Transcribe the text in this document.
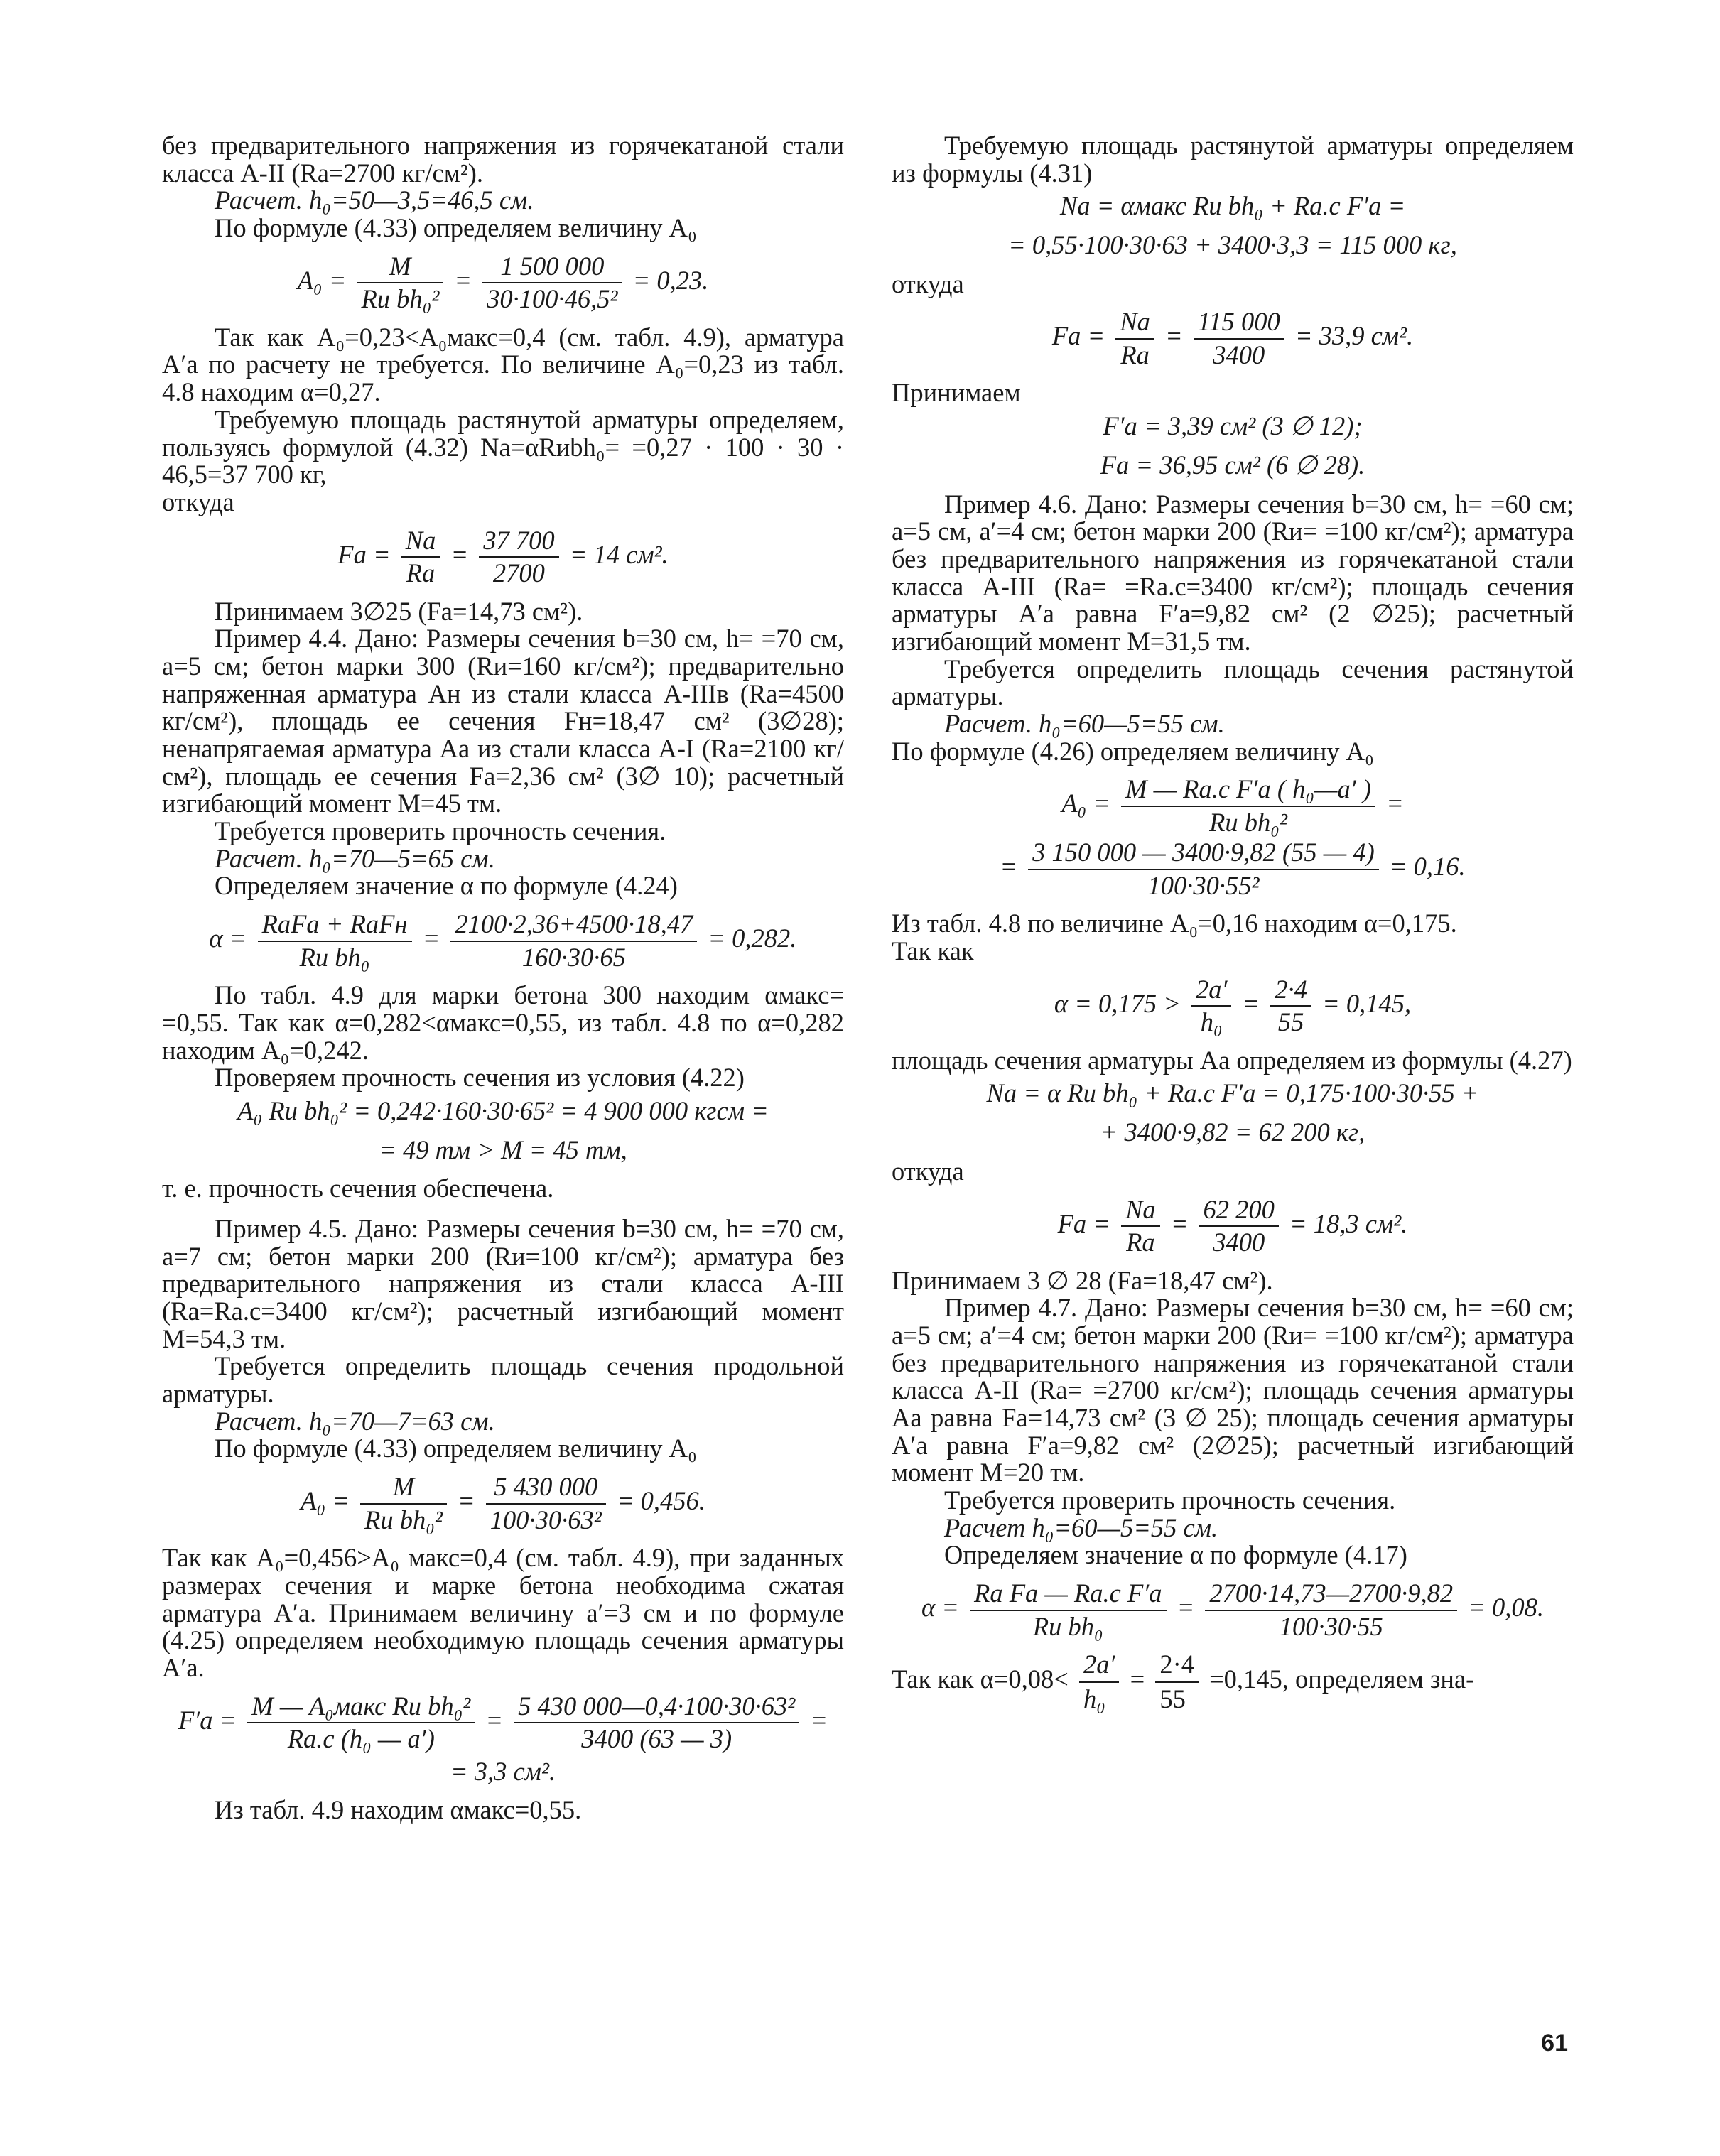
без предварительного напряжения из горячекатаной стали класса А-II (Rа=2700 кг/см²).

Расчет. h₀=50—3,5=46,5 см.

По формуле (4.33) определяем величину A₀

$A_0 = \frac{M}{\text{Rи bh₀²}} = \frac{1 500 000}{\text{30·100·46,5²}} = 0,23$.

Так как A₀=0,23<A₀макс=0,4 (см. табл. 4.9), арматура A′а по расчету не требуется. По величине A₀=0,23 из табл. 4.8 находим α=0,27.

Требуемую площадь растянутой арматуры определяем, пользуясь формулой (4.32) Nа=αRиbh₀= =0,27 · 100 · 30 · 46,5=37 700 кг,

откуда

Fа = $\frac{Nа}{Rа} = \frac{37 700}{2700} = 14$ см².

Принимаем 3∅25 (Fа=14,73 см²).

Пример 4.4. Дано: Размеры сечения b=30 см, h= =70 см, a=5 см; бетон марки 300 (Rи=160 кг/см²); предварительно напряженная арматура Aн из стали класса А-IIIв (Rа=4500 кг/см²), площадь ее сечения Fн=18,47 см² (3∅28); ненапрягаемая арматура Aа из стали класса А-I (Rа=2100 кг/см²), площадь ее сечения Fа=2,36 см² (3∅ 10); расчетный изгибающий момент M=45 тм.

Требуется проверить прочность сечения.

Расчет. h₀=70—5=65 см.

Определяем значение α по формуле (4.24)

$\alpha = \frac{\text{RаFа + RаFн}}{\text{Rи bh₀}} = \frac{2100\cdot 2,36+4500\cdot 18,47}{160\cdot 30\cdot 65} = 0,282$.

По табл. 4.9 для марки бетона 300 находим αмакс= =0,55. Так как α=0,282<αмакс=0,55, из табл. 4.8 по α=0,282 находим A₀=0,242.

Проверяем прочность сечения из условия (4.22)

A₀ Rи bh₀² = 0,242·160·30·65² = 4 900 000 кгсм =
= 49 тм > M = 45 тм,

т. е. прочность сечения обеспечена.

Пример 4.5. Дано: Размеры сечения b=30 см, h= =70 см, a=7 см; бетон марки 200 (Rи=100 кг/см²); арматура без предварительного напряжения из стали класса А-III (Rа=Rа.с=3400 кг/см²); расчетный изгибающий момент M=54,3 тм.

Требуется определить площадь сечения продольной арматуры.

Расчет. h₀=70—7=63 см.

По формуле (4.33) определяем величину A₀

$A_0 = \frac{M}{\text{Rи bh₀²}} = \frac{5 430 000}{\text{100·30·63²}} = 0,456$.

Так как A₀=0,456>A₀ макс=0,4 (см. табл. 4.9), при заданных размерах сечения и марке бетона необходима сжатая арматура A′а. Принимаем величину a′=3 см и по формуле (4.25) определяем необходимую площадь сечения арматуры A′а.

$F'а = \frac{\text{M — A₀макс Rи bh₀²}}{\text{Rа.с (h₀ — a′)}} = \frac{\text{5 430 000—0,4·100·30·63²}}{3400 (63 — 3)}$ =
= 3,3 см².

Из табл. 4.9 находим αмакс=0,55.

Требуемую площадь растянутой арматуры определяем из формулы (4.31)

Nа = αмакс Rи bh₀ + Rа.с F′а =
= 0,55·100·30·63 + 3400·3,3 = 115 000 кг,

откуда

Fа = $\frac{Nа}{Rа} = \frac{115 000}{3400} = 33,9$ см².

Принимаем

F′а = 3,39 см² (3 ∅ 12);
Fа = 36,95 см² (6 ∅ 28).

Пример 4.6. Дано: Размеры сечения b=30 см, h= =60 см; a=5 см, a′=4 см; бетон марки 200 (Rи= =100 кг/см²); арматура без предварительного напряжения из горячекатаной стали класса А-III (Rа= =Rа.с=3400 кг/см²); площадь сечения арматуры A′а равна F′а=9,82 см² (2 ∅25); расчетный изгибающий момент M=31,5 тм.

Требуется определить площадь сечения растянутой арматуры.

Расчет. h₀=60—5=55 см.

По формуле (4.26) определяем величину A₀

$A_0 = \frac{\text{M — Rа.с F′а ( h₀—a′ )}}{\text{Rи bh₀²}}$ =
= $\frac{3 150 000 — 3400\cdot 9,82 (55 — 4)}{\text{100·30·55²}} = 0,16$.

Из табл. 4.8 по величине A₀=0,16 находим α=0,175.

Так как

$\alpha = 0,175 > \frac{2a'}{\text{h₀}} = \frac{2\cdot 4}{55} = 0,145$,

площадь сечения арматуры Aа определяем из формулы (4.27)

Nа = α Rи bh₀ + Rа.с F′а = 0,175·100·30·55 +
+ 3400·9,82 = 62 200 кг,

откуда

Fа = $\frac{Nа}{Rа} = \frac{62 200}{3400} = 18,3$ см².

Принимаем 3 ∅ 28 (Fа=18,47 см²).

Пример 4.7. Дано: Размеры сечения b=30 см, h= =60 см; a=5 см; a′=4 см; бетон марки 200 (Rи= =100 кг/см²); арматура без предварительного напряжения из горячекатаной стали класса А-II (Rа= =2700 кг/см²); площадь сечения арматуры Aа равна Fа=14,73 см² (3 ∅ 25); площадь сечения арматуры A′а равна F′а=9,82 см² (2∅25); расчетный изгибающий момент M=20 тм.

Требуется проверить прочность сечения.

Расчет h₀=60—5=55 см.

Определяем значение α по формуле (4.17)

$\alpha = \frac{\text{Rа Fа — Rа.с F′а}}{\text{Rи bh₀}} = \frac{2700\cdot 14,73—2700\cdot 9,82}{100\cdot 30\cdot 55} = 0,08$.

Так как $\alpha=0,08< \frac{2a'}{\text{h₀}} = \frac{2\cdot 4}{55} =0,145$, определяем зна-

61
